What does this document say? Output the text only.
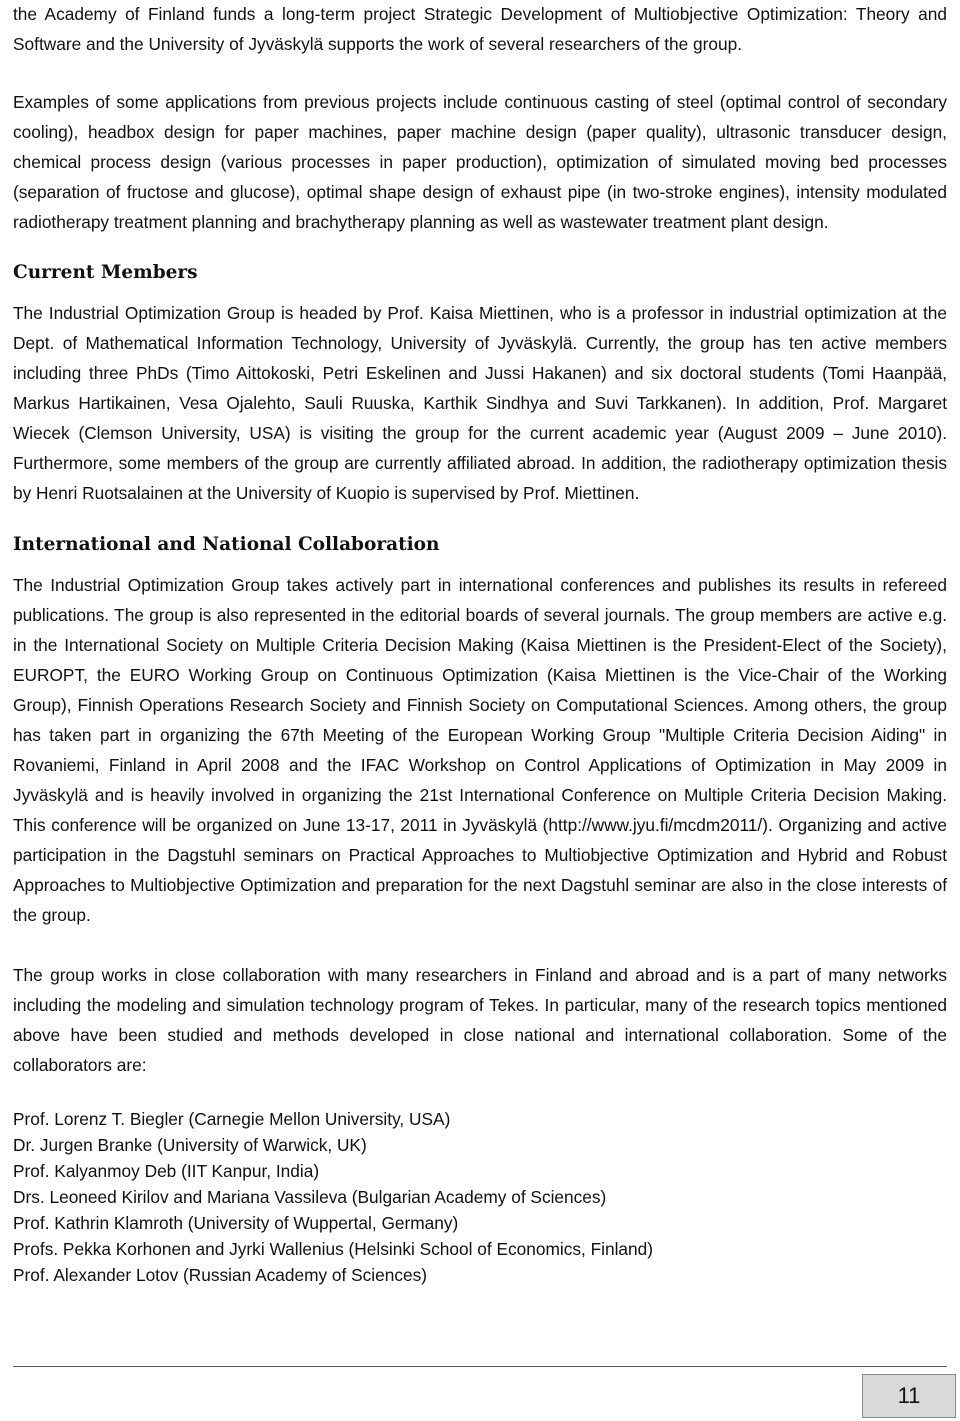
the Academy of Finland funds a long-term project Strategic Development of Multiobjective Optimization: Theory and Software and the University of Jyväskylä supports the work of several researchers of the group.

Examples of some applications from previous projects include continuous casting of steel (optimal control of secondary cooling), headbox design for paper machines, paper machine design (paper quality), ultrasonic transducer design, chemical process design (various processes in paper production), optimization of simulated moving bed processes (separation of fructose and glucose), optimal shape design of exhaust pipe (in two-stroke engines), intensity modulated radiotherapy treatment planning and brachytherapy planning as well as wastewater treatment plant design.

Current Members

The Industrial Optimization Group is headed by Prof. Kaisa Miettinen, who is a professor in industrial optimization at the Dept. of Mathematical Information Technology, University of Jyväskylä. Currently, the group has ten active members including three PhDs (Timo Aittokoski, Petri Eskelinen and Jussi Hakanen) and six doctoral students (Tomi Haanpää, Markus Hartikainen, Vesa Ojalehto, Sauli Ruuska, Karthik Sindhya and Suvi Tarkkanen). In addition, Prof. Margaret Wiecek (Clemson University, USA) is visiting the group for the current academic year (August 2009 – June 2010). Furthermore, some members of the group are currently affiliated abroad. In addition, the radiotherapy optimization thesis by Henri Ruotsalainen at the University of Kuopio is supervised by Prof. Miettinen.

International and National Collaboration

The Industrial Optimization Group takes actively part in international conferences and publishes its results in refereed publications. The group is also represented in the editorial boards of several journals. The group members are active e.g. in the International Society on Multiple Criteria Decision Making (Kaisa Miettinen is the President-Elect of the Society), EUROPT, the EURO Working Group on Continuous Optimization (Kaisa Miettinen is the Vice-Chair of the Working Group), Finnish Operations Research Society and Finnish Society on Computational Sciences. Among others, the group has taken part in organizing the 67th Meeting of the European Working Group "Multiple Criteria Decision Aiding" in Rovaniemi, Finland in April 2008 and the IFAC Workshop on Control Applications of Optimization in May 2009 in Jyväskylä and is heavily involved in organizing the 21st International Conference on Multiple Criteria Decision Making. This conference will be organized on June 13-17, 2011 in Jyväskylä (http://www.jyu.fi/mcdm2011/). Organizing and active participation in the Dagstuhl seminars on Practical Approaches to Multiobjective Optimization and Hybrid and Robust Approaches to Multiobjective Optimization and preparation for the next Dagstuhl seminar are also in the close interests of the group.

The group works in close collaboration with many researchers in Finland and abroad and is a part of many networks including the modeling and simulation technology program of Tekes. In particular, many of the research topics mentioned above have been studied and methods developed in close national and international collaboration. Some of the collaborators are:

Prof. Lorenz T. Biegler (Carnegie Mellon University, USA)
Dr. Jurgen Branke (University of Warwick, UK)
Prof. Kalyanmoy Deb (IIT Kanpur, India)
Drs. Leoneed Kirilov and Mariana Vassileva (Bulgarian Academy of Sciences)
Prof. Kathrin Klamroth (University of Wuppertal, Germany)
Profs. Pekka Korhonen and Jyrki Wallenius (Helsinki School of Economics, Finland)
Prof. Alexander Lotov (Russian Academy of Sciences)
11
